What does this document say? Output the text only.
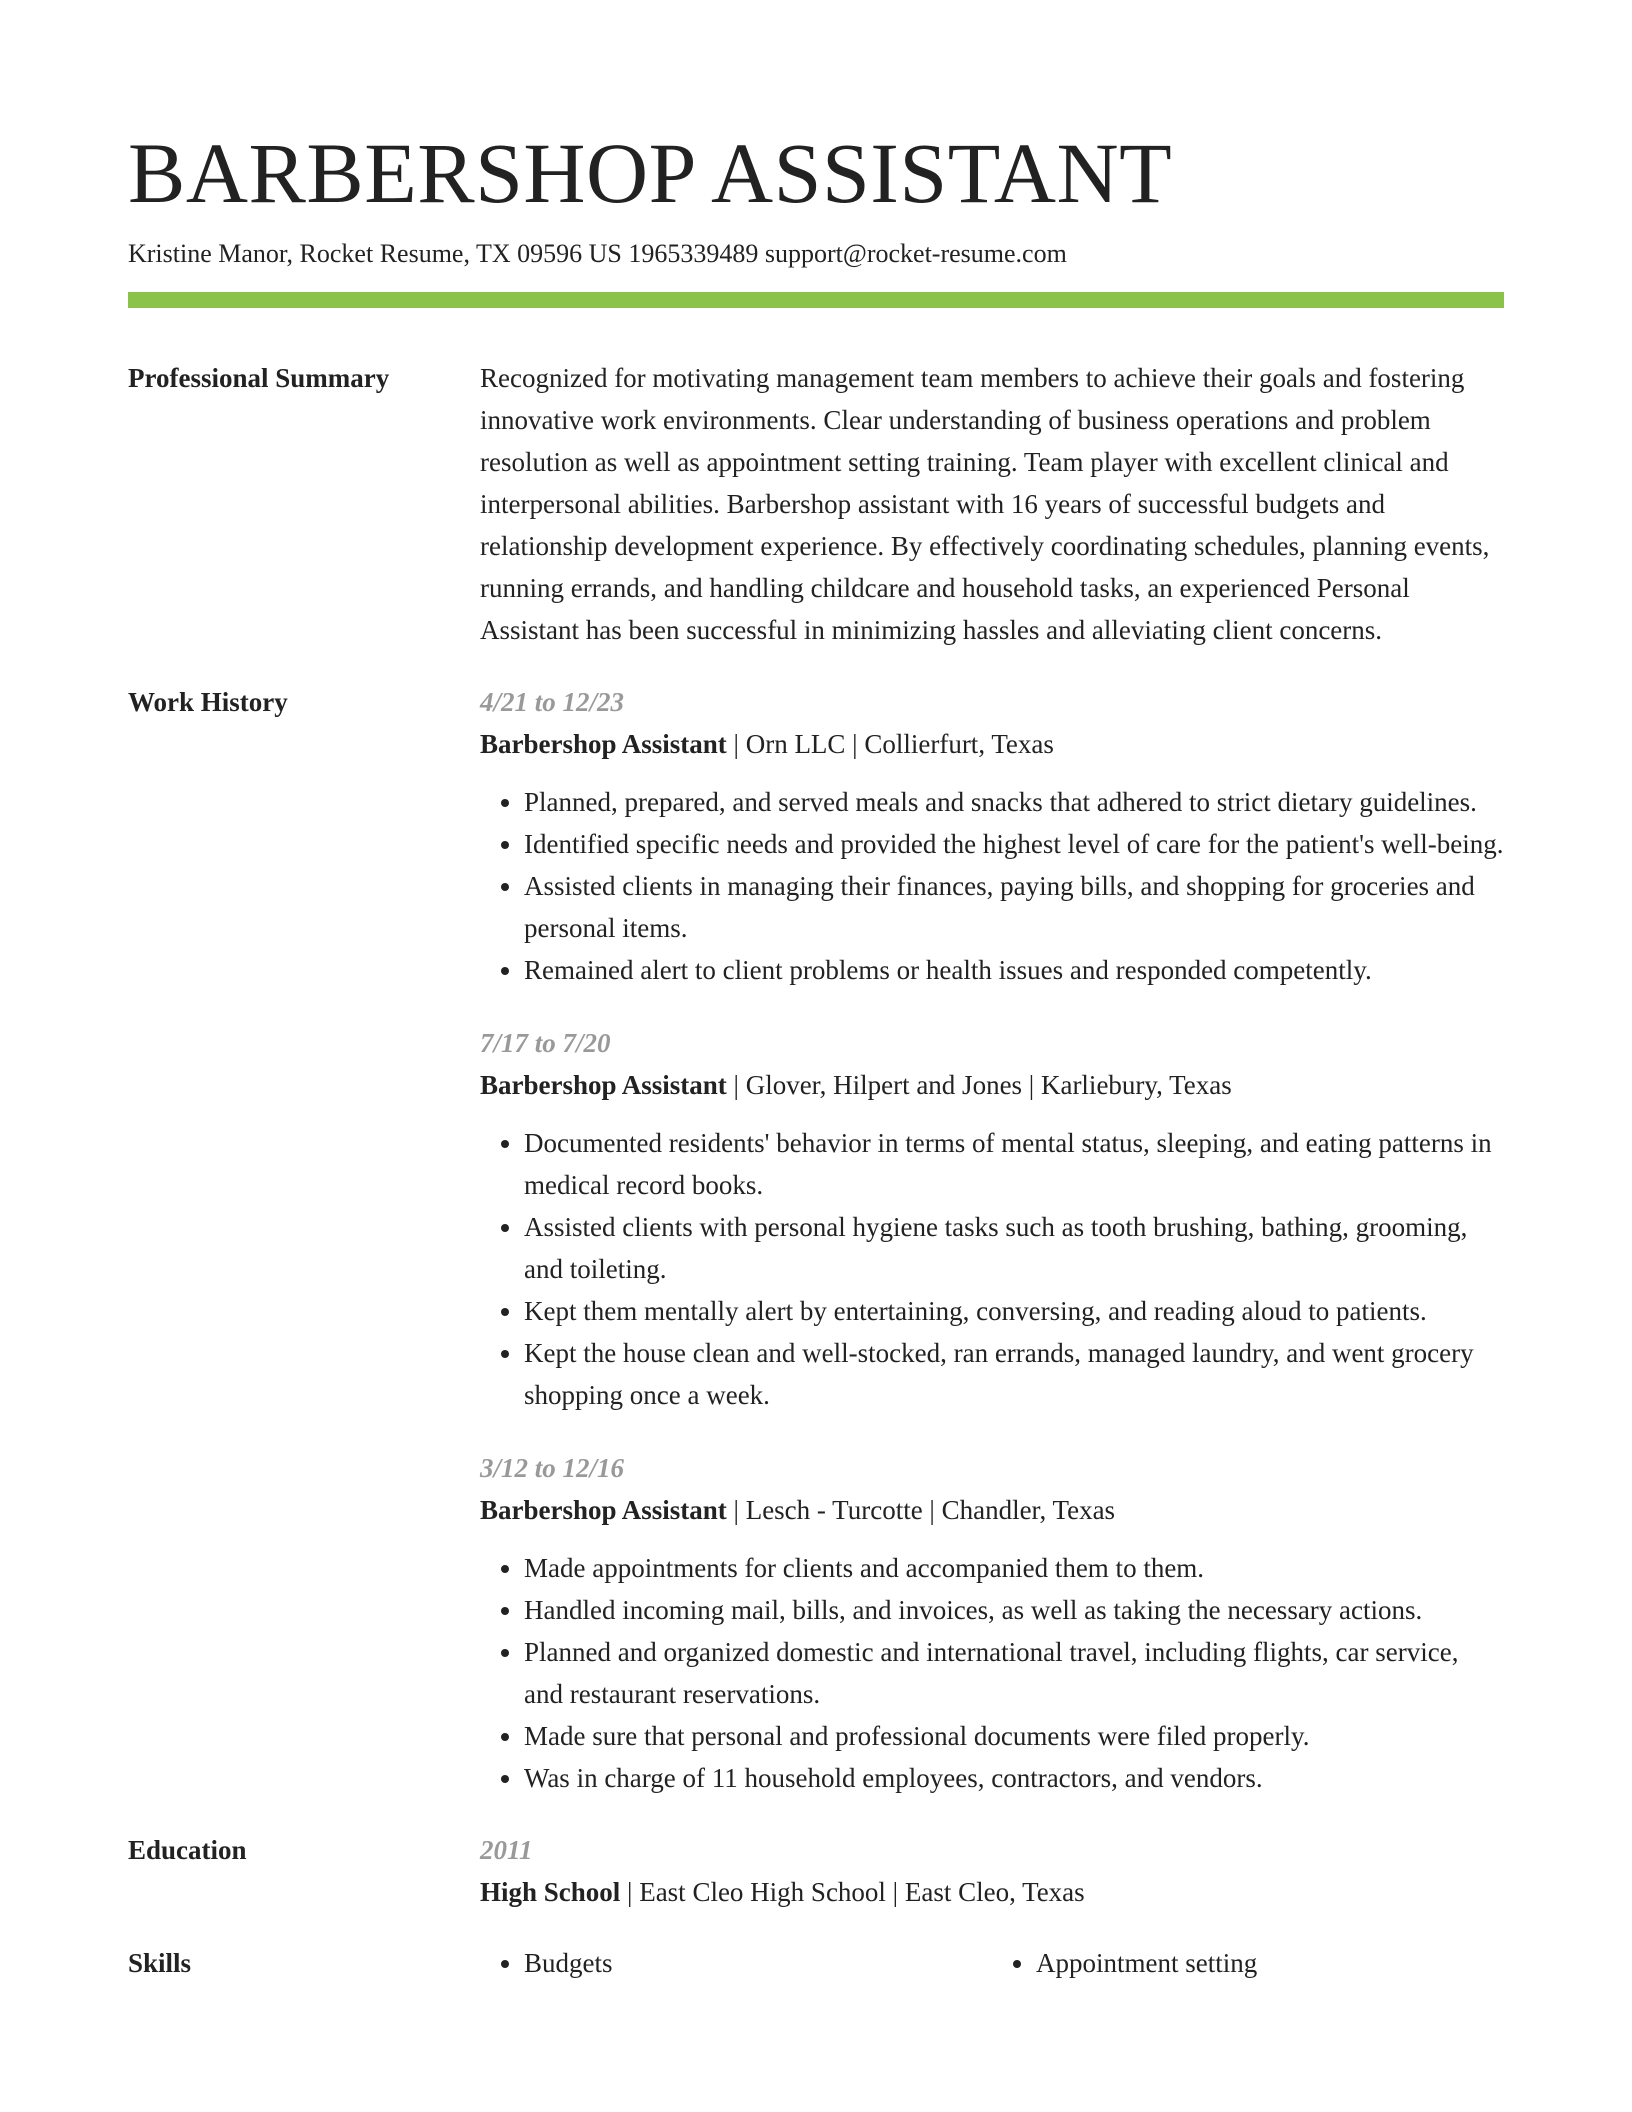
BARBERSHOP ASSISTANT
Kristine Manor, Rocket Resume, TX 09596 US 1965339489 support@rocket-resume.com
Professional Summary	Recognized for motivating management team members to achieve their goals and fostering innovative work environments. Clear understanding of business operations and problem resolution as well as appointment setting training. Team player with excellent clinical and interpersonal abilities. Barbershop assistant with 16 years of successful budgets and relationship development experience. By effectively coordinating schedules, planning events, running errands, and handling childcare and household tasks, an experienced Personal Assistant has been successful in minimizing hassles and alleviating client concerns.

Work History	4/21 to 12/23

Barbershop Assistant | Orn LLC | Collierfurt, Texas

• Planned, prepared, and served meals and snacks that adhered to strict dietary guidelines.
• Identified specific needs and provided the highest level of care for the patient's well-being.
• Assisted clients in managing their finances, paying bills, and shopping for groceries and personal items.
• Remained alert to client problems or health issues and responded competently.

7/17 to 7/20

Barbershop Assistant | Glover, Hilpert and Jones | Karliebury, Texas

• Documented residents' behavior in terms of mental status, sleeping, and eating patterns in medical record books.
• Assisted clients with personal hygiene tasks such as tooth brushing, bathing, grooming, and toileting.
• Kept them mentally alert by entertaining, conversing, and reading aloud to patients.
• Kept the house clean and well-stocked, ran errands, managed laundry, and went grocery shopping once a week.

3/12 to 12/16

Barbershop Assistant | Lesch - Turcotte | Chandler, Texas

• Made appointments for clients and accompanied them to them.
• Handled incoming mail, bills, and invoices, as well as taking the necessary actions.
• Planned and organized domestic and international travel, including flights, car service, and restaurant reservations.
• Made sure that personal and professional documents were filed properly.
• Was in charge of 11 household employees, contractors, and vendors.
Education	2011

High School | East Cleo High School | East Cleo, Texas

Skills	• Budgets	• Appointment setting
